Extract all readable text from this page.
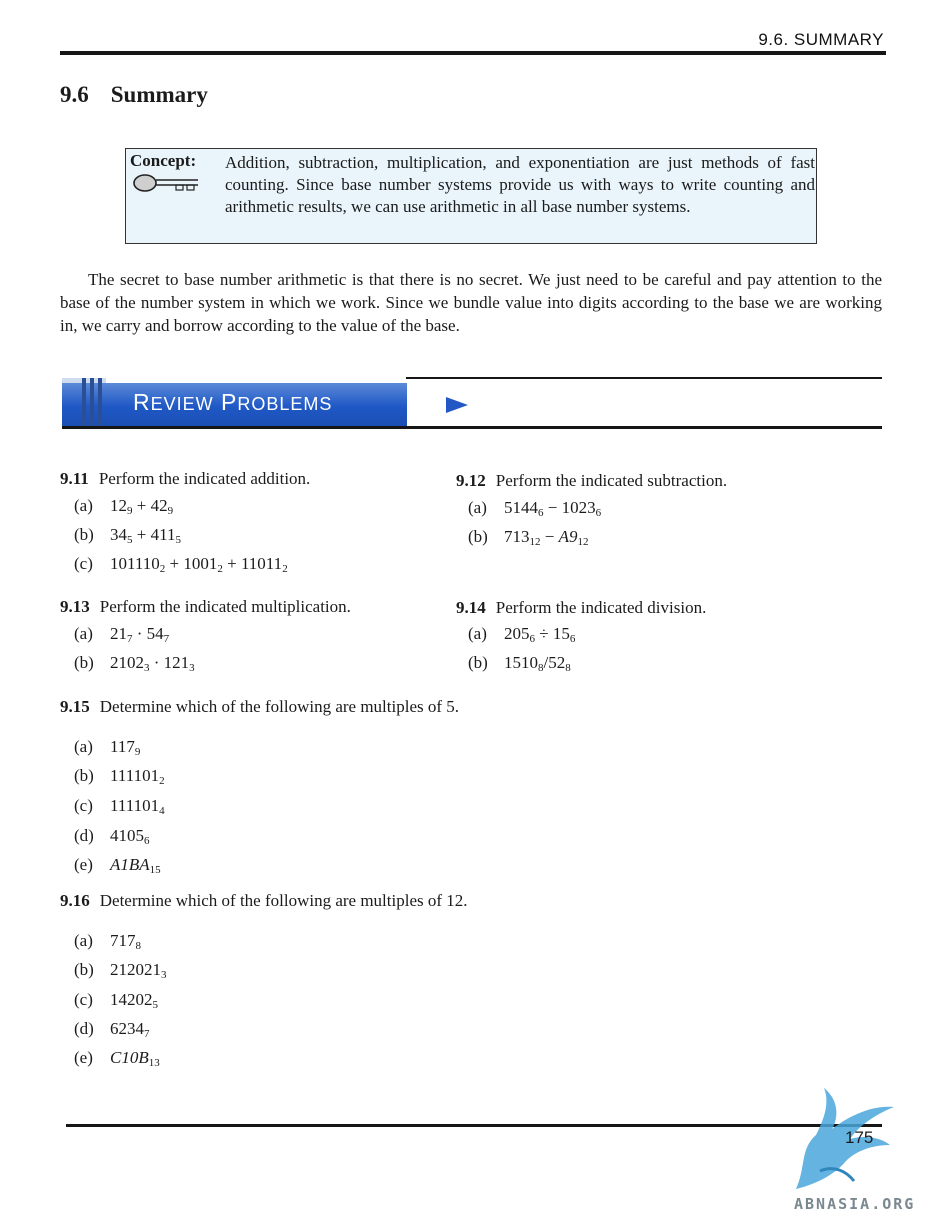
9.6. SUMMARY
9.6 Summary
Concept: Addition, subtraction, multiplication, and exponentiation are just methods of fast counting. Since base number systems provide us with ways to write counting and arithmetic results, we can use arithmetic in all base number systems.
The secret to base number arithmetic is that there is no secret. We just need to be careful and pay attention to the base of the number system in which we work. Since we bundle value into digits according to the base we are working in, we carry and borrow according to the value of the base.
REVIEW PROBLEMS
9.11 Perform the indicated addition.
(a) $12_9 + 42_9$
(b) $34_5 + 411_5$
(c) $101110_2 + 1001_2 + 11011_2$
9.12 Perform the indicated subtraction.
(a) $5144_6 - 1023_6$
(b) $713_{12} - A9_{12}$
9.13 Perform the indicated multiplication.
(a) $21_7 \cdot 54_7$
(b) $2102_3 \cdot 121_3$
9.14 Perform the indicated division.
(a) $205_6 \div 15_6$
(b) $1510_8/52_8$
9.15 Determine which of the following are multiples of 5.
(a) $117_9$
(b) $111101_2$
(c) $111101_4$
(d) $4105_6$
(e) $A1BA_{15}$
9.16 Determine which of the following are multiples of 12.
(a) $717_8$
(b) $212021_3$
(c) $14202_5$
(d) $6234_7$
(e) $C10B_{13}$
175
ABNASIA.ORG
